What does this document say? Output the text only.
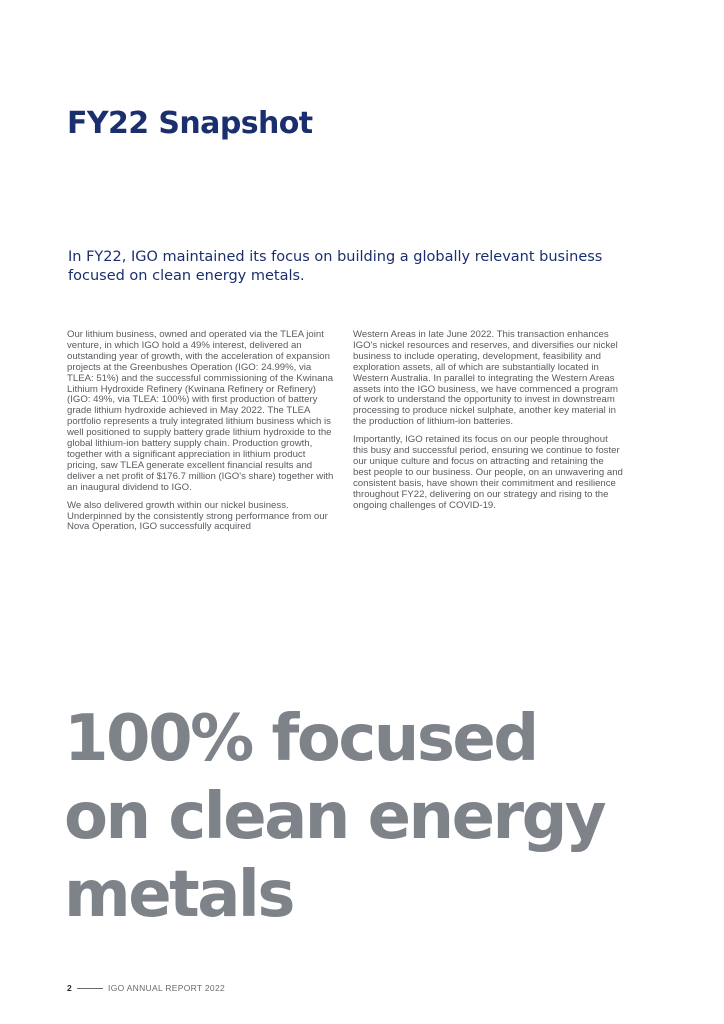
FY22 Snapshot

In FY22, IGO maintained its focus on building a globally relevant business focused on clean energy metals.

Our lithium business, owned and operated via the TLEA joint venture, in which IGO hold a 49% interest, delivered an outstanding year of growth, with the acceleration of expansion projects at the Greenbushes Operation (IGO: 24.99%, via TLEA: 51%) and the successful commissioning of the Kwinana Lithium Hydroxide Refinery (Kwinana Refinery or Refinery) (IGO: 49%, via TLEA: 100%) with first production of battery grade lithium hydroxide achieved in May 2022. The TLEA portfolio represents a truly integrated lithium business which is well positioned to supply battery grade lithium hydroxide to the global lithium-ion battery supply chain. Production growth, together with a significant appreciation in lithium product pricing, saw TLEA generate excellent financial results and deliver a net profit of $176.7 million (IGO's share) together with an inaugural dividend to IGO.

We also delivered growth within our nickel business. Underpinned by the consistently strong performance from our Nova Operation, IGO successfully acquired

Western Areas in late June 2022. This transaction enhances IGO's nickel resources and reserves, and diversifies our nickel business to include operating, development, feasibility and exploration assets, all of which are substantially located in Western Australia. In parallel to integrating the Western Areas assets into the IGO business, we have commenced a program of work to understand the opportunity to invest in downstream processing to produce nickel sulphate, another key material in the production of lithium-ion batteries.

Importantly, IGO retained its focus on our people throughout this busy and successful period, ensuring we continue to foster our unique culture and focus on attracting and retaining the best people to our business. Our people, on an unwavering and consistent basis, have shown their commitment and resilience throughout FY22, delivering on our strategy and rising to the ongoing challenges of COVID-19.

100% focused
on clean energy
metals
2	IGO ANNUAL REPORT 2022
